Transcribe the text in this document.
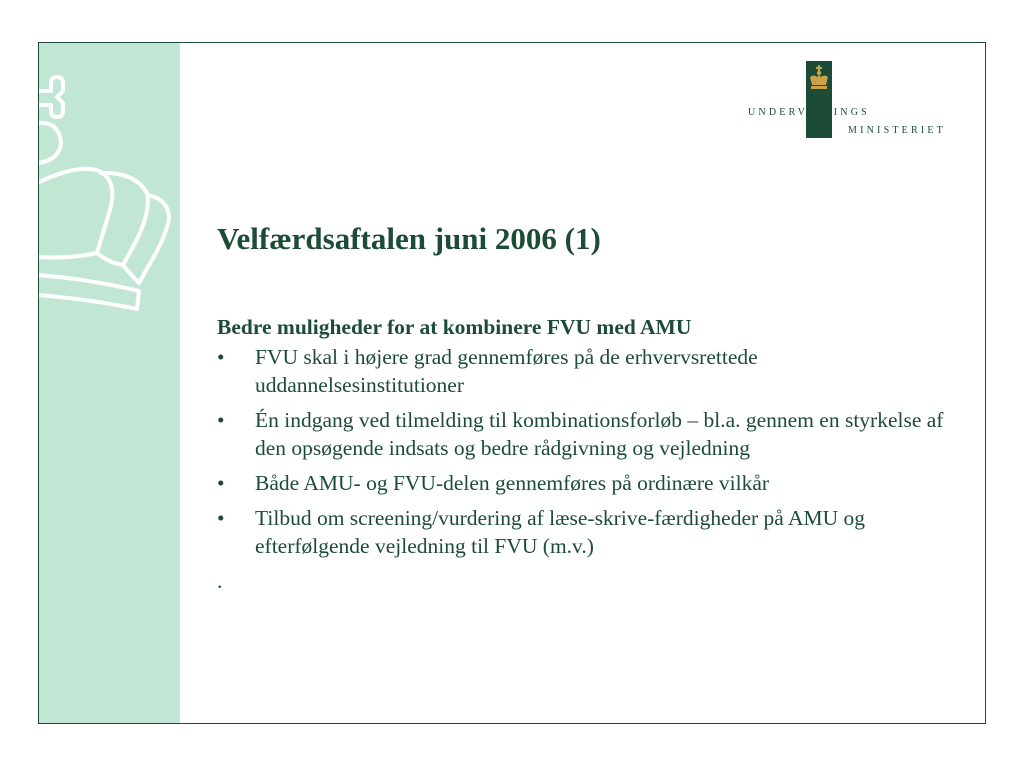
UNDERVISNINGS
MINISTERIET
Velfærdsaftalen juni 2006 (1)

Bedre muligheder for at kombinere FVU med AMU

• FVU skal i højere grad gennemføres på de erhvervsrettede uddannelsesinstitutioner
• Én indgang ved tilmelding til kombinationsforløb – bl.a. gennem en styrkelse af den opsøgende indsats og bedre rådgivning og vejledning
• Både AMU- og FVU-delen gennemføres på ordinære vilkår
• Tilbud om screening/vurdering af læse-skrive-færdigheder på AMU og efterfølgende vejledning til FVU (m.v.)

.
